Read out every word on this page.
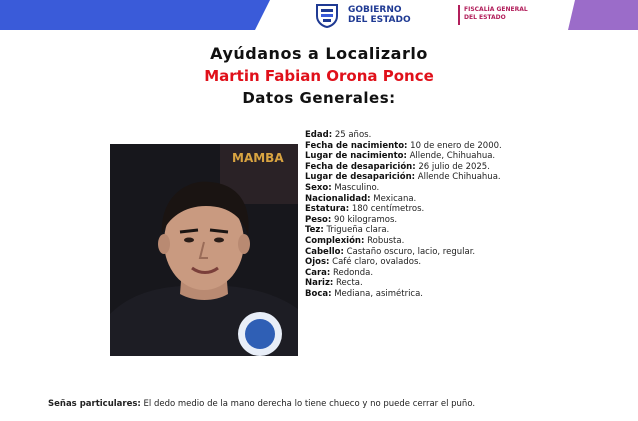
GOBIERNO
DEL ESTADO
FISCALÍA GENERAL
DEL ESTADO
Ayúdanos a Localizarlo
Martin Fabian Orona Ponce
Datos Generales:
MAMBA

Edad: 25 años.

Fecha de nacimiento: 10 de enero de 2000.

Lugar de nacimiento: Allende, Chihuahua.

Fecha de desaparición: 26 julio de 2025.

Lugar de desaparición: Allende Chihuahua.

Sexo: Masculino.

Nacionalidad: Mexicana.

Estatura: 180 centímetros.

Peso: 90 kilogramos.

Tez: Trigueña clara.

Complexión: Robusta.

Cabello: Castaño oscuro, lacio, regular.

Ojos: Café claro, ovalados.

Cara: Redonda.

Nariz: Recta.

Boca: Mediana, asimétrica.

Señas particulares: El dedo medio de la mano derecha lo tiene chueco y no puede cerrar el puño.
